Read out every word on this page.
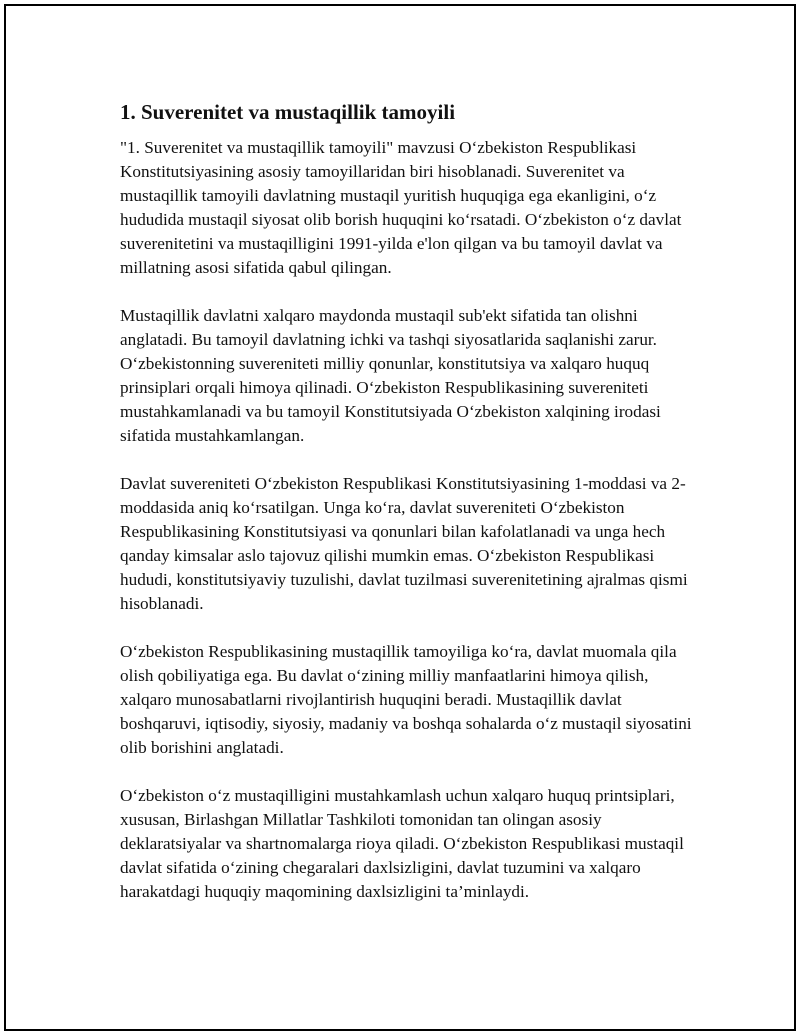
1. Suverenitet va mustaqillik tamoyili

"1. Suverenitet va mustaqillik tamoyili" mavzusi O‘zbekiston Respublikasi Konstitutsiyasining asosiy tamoyillaridan biri hisoblanadi. Suverenitet va mustaqillik tamoyili davlatning mustaqil yuritish huquqiga ega ekanligini, o‘z hududida mustaqil siyosat olib borish huquqini ko‘rsatadi. O‘zbekiston o‘z davlat suverenitetini va mustaqilligini 1991-yilda e'lon qilgan va bu tamoyil davlat va millatning asosi sifatida qabul qilingan.

Mustaqillik davlatni xalqaro maydonda mustaqil sub'ekt sifatida tan olishni anglatadi. Bu tamoyil davlatning ichki va tashqi siyosatlarida saqlanishi zarur. O‘zbekistonning suvereniteti milliy qonunlar, konstitutsiya va xalqaro huquq prinsiplari orqali himoya qilinadi. O‘zbekiston Respublikasining suvereniteti mustahkamlanadi va bu tamoyil Konstitutsiyada O‘zbekiston xalqining irodasi sifatida mustahkamlangan.

Davlat suvereniteti O‘zbekiston Respublikasi Konstitutsiyasining 1-moddasi va 2-moddasida aniq ko‘rsatilgan. Unga ko‘ra, davlat suvereniteti O‘zbekiston Respublikasining Konstitutsiyasi va qonunlari bilan kafolatlanadi va unga hech qanday kimsalar aslo tajovuz qilishi mumkin emas. O‘zbekiston Respublikasi hududi, konstitutsiyaviy tuzulishi, davlat tuzilmasi suverenitetining ajralmas qismi hisoblanadi.

O‘zbekiston Respublikasining mustaqillik tamoyiliga ko‘ra, davlat muomala qila olish qobiliyatiga ega. Bu davlat o‘zining milliy manfaatlarini himoya qilish, xalqaro munosabatlarni rivojlantirish huquqini beradi. Mustaqillik davlat boshqaruvi, iqtisodiy, siyosiy, madaniy va boshqa sohalarda o‘z mustaqil siyosatini olib borishini anglatadi.

O‘zbekiston o‘z mustaqilligini mustahkamlash uchun xalqaro huquq printsiplari, xususan, Birlashgan Millatlar Tashkiloti tomonidan tan olingan asosiy deklaratsiyalar va shartnomalarga rioya qiladi. O‘zbekiston Respublikasi mustaqil davlat sifatida o‘zining chegaralari daxlsizligini, davlat tuzumini va xalqaro harakatdagi huquqiy maqomining daxlsizligini ta’minlaydi.
